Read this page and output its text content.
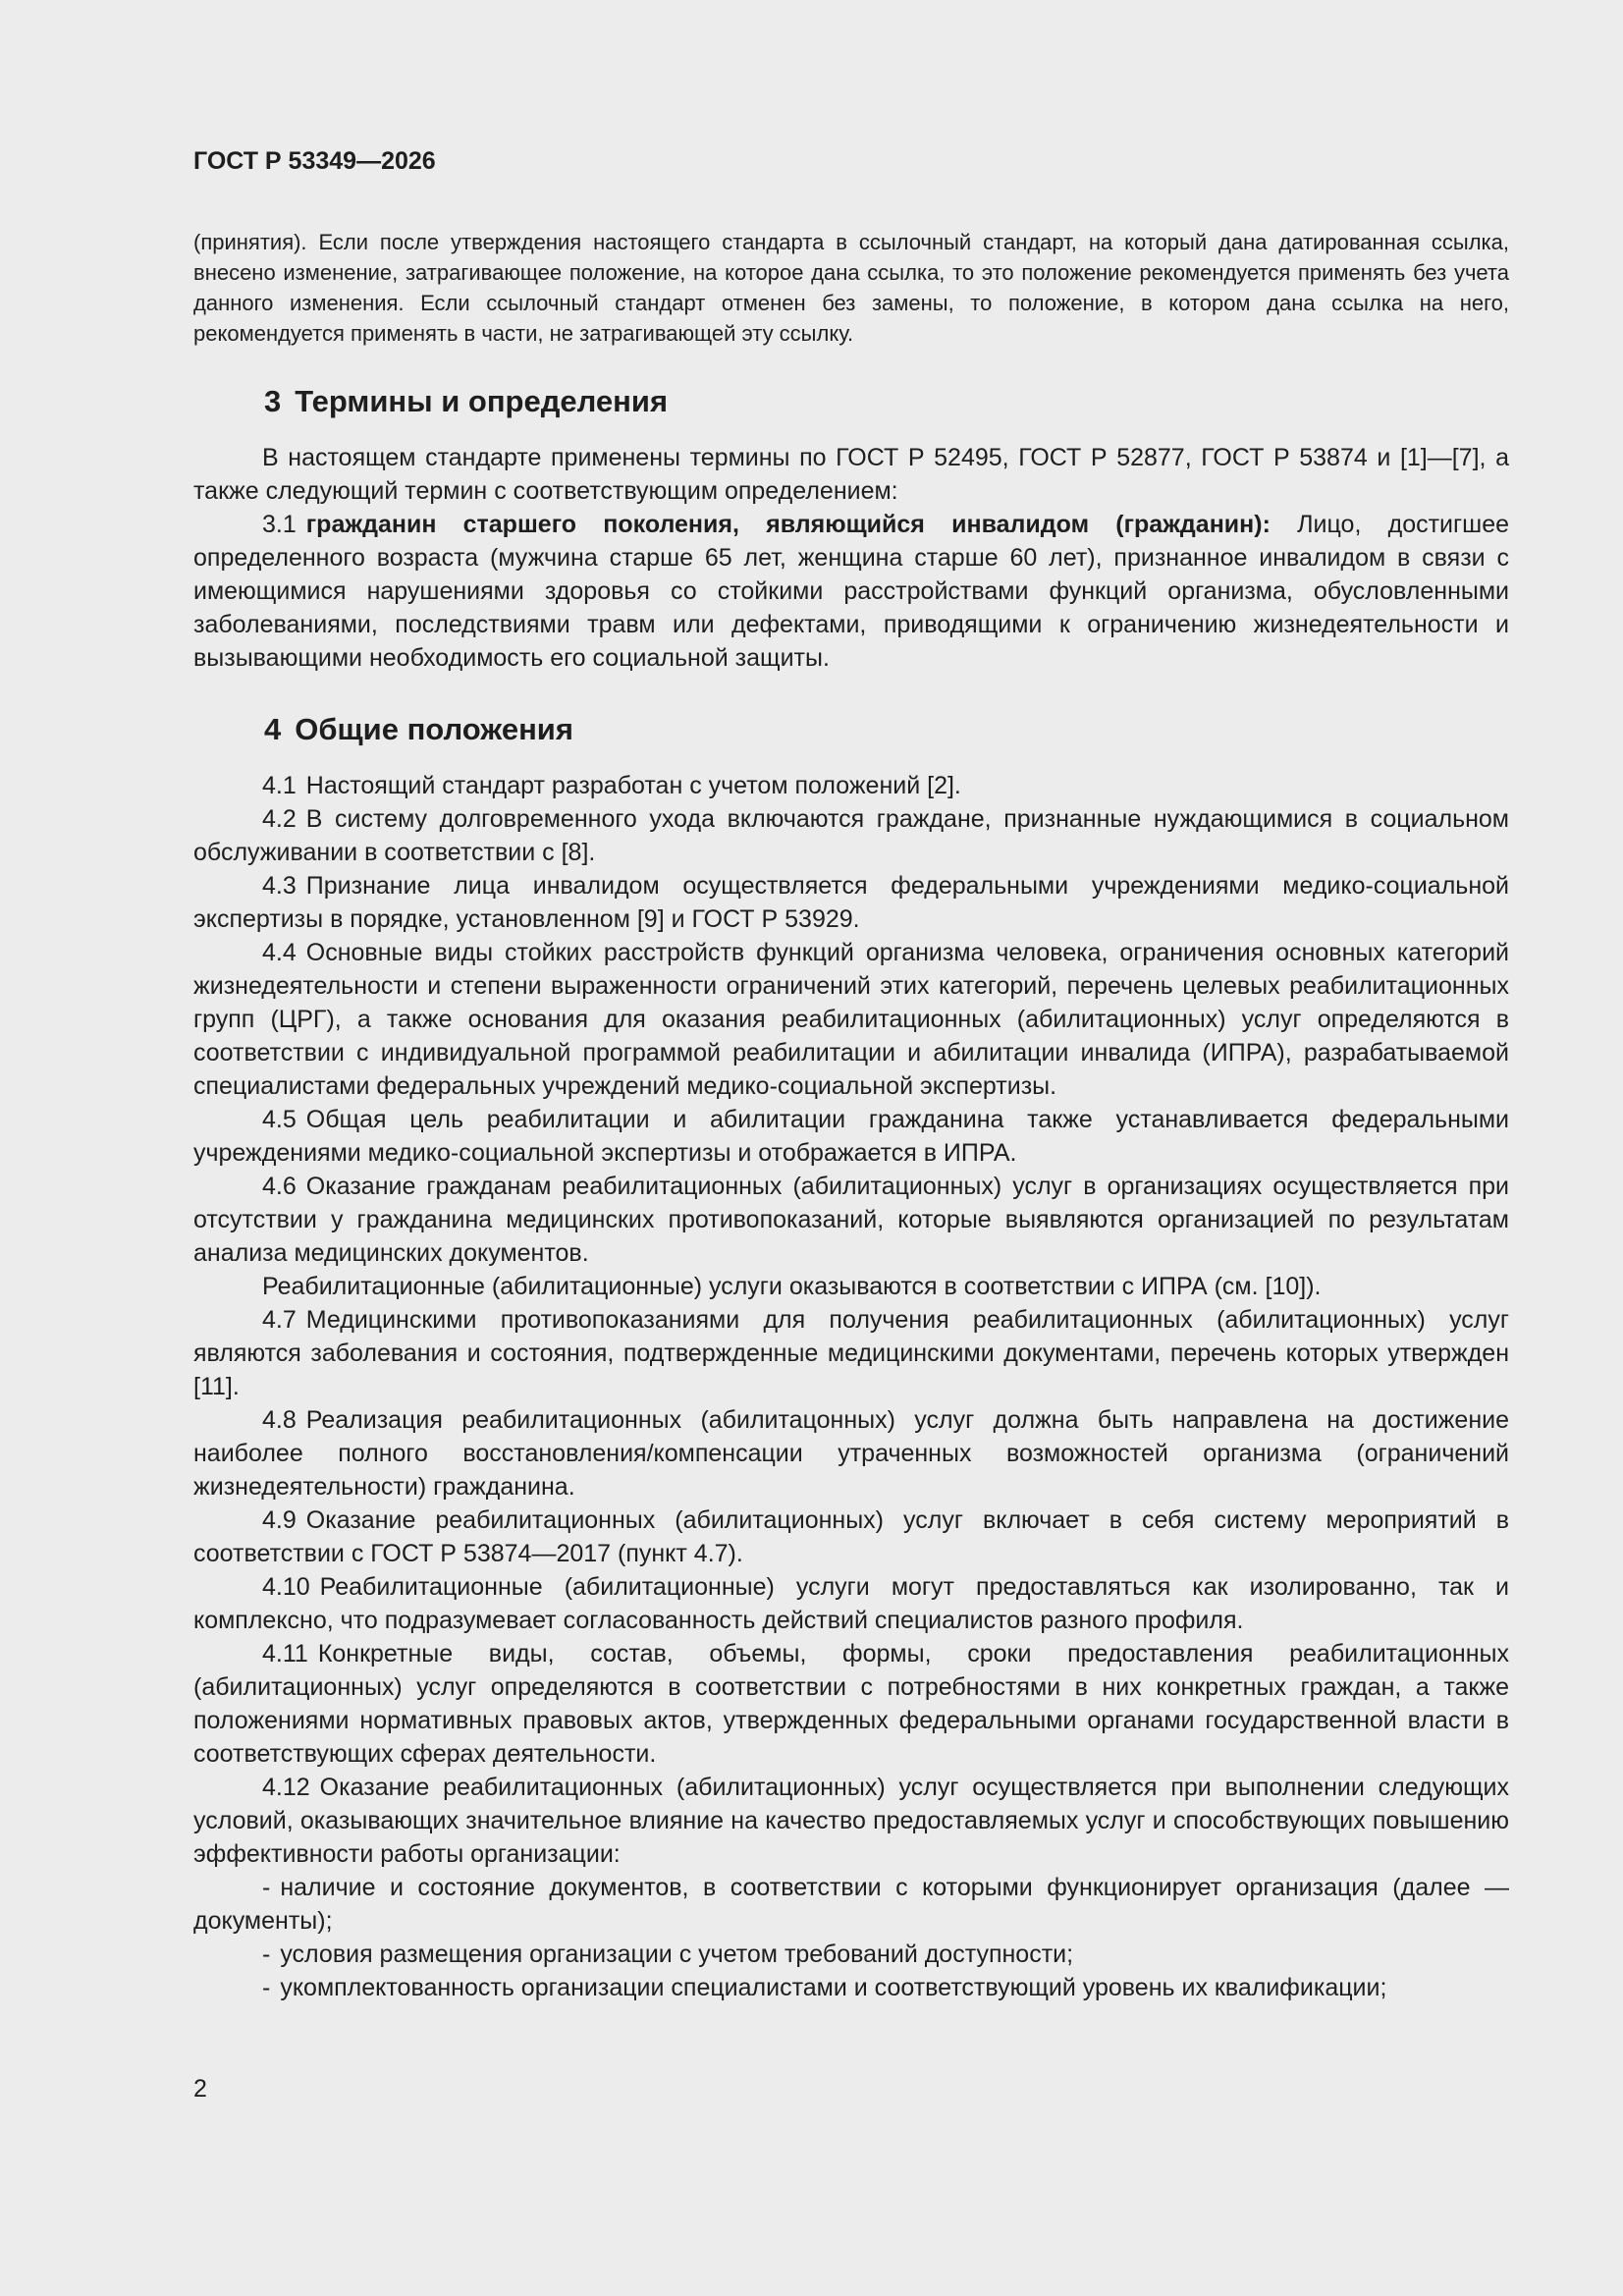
ГОСТ Р 53349—2026

(принятия). Если после утверждения настоящего стандарта в ссылочный стандарт, на который дана датированная ссылка, внесено изменение, затрагивающее положение, на которое дана ссылка, то это положение рекомендуется применять без учета данного изменения. Если ссылочный стандарт отменен без замены, то положение, в котором дана ссылка на него, рекомендуется применять в части, не затрагивающей эту ссылку.

3 Термины и определения

В настоящем стандарте применены термины по ГОСТ Р 52495, ГОСТ Р 52877, ГОСТ Р 53874 и [1]—[7], а также следующий термин с соответствующим определением:

3.1 гражданин старшего поколения, являющийся инвалидом (гражданин): Лицо, достигшее определенного возраста (мужчина старше 65 лет, женщина старше 60 лет), признанное инвалидом в связи с имеющимися нарушениями здоровья со стойкими расстройствами функций организма, обусловленными заболеваниями, последствиями травм или дефектами, приводящими к ограничению жизнедеятельности и вызывающими необходимость его социальной защиты.

4 Общие положения

4.1 Настоящий стандарт разработан с учетом положений [2].

4.2 В систему долговременного ухода включаются граждане, признанные нуждающимися в социальном обслуживании в соответствии с [8].

4.3 Признание лица инвалидом осуществляется федеральными учреждениями медико-социальной экспертизы в порядке, установленном [9] и ГОСТ Р 53929.

4.4 Основные виды стойких расстройств функций организма человека, ограничения основных категорий жизнедеятельности и степени выраженности ограничений этих категорий, перечень целевых реабилитационных групп (ЦРГ), а также основания для оказания реабилитационных (абилитационных) услуг определяются в соответствии с индивидуальной программой реабилитации и абилитации инвалида (ИПРА), разрабатываемой специалистами федеральных учреждений медико-социальной экспертизы.

4.5 Общая цель реабилитации и абилитации гражданина также устанавливается федеральными учреждениями медико-социальной экспертизы и отображается в ИПРА.

4.6 Оказание гражданам реабилитационных (абилитационных) услуг в организациях осуществляется при отсутствии у гражданина медицинских противопоказаний, которые выявляются организацией по результатам анализа медицинских документов.

Реабилитационные (абилитационные) услуги оказываются в соответствии с ИПРА (см. [10]).

4.7 Медицинскими противопоказаниями для получения реабилитационных (абилитационных) услуг являются заболевания и состояния, подтвержденные медицинскими документами, перечень которых утвержден [11].

4.8 Реализация реабилитационных (абилитацонных) услуг должна быть направлена на достижение наиболее полного восстановления/компенсации утраченных возможностей организма (ограничений жизнедеятельности) гражданина.

4.9 Оказание реабилитационных (абилитационных) услуг включает в себя систему мероприятий в соответствии с ГОСТ Р 53874—2017 (пункт 4.7).

4.10 Реабилитационные (абилитационные) услуги могут предоставляться как изолированно, так и комплексно, что подразумевает согласованность действий специалистов разного профиля.

4.11 Конкретные виды, состав, объемы, формы, сроки предоставления реабилитационных (абилитационных) услуг определяются в соответствии с потребностями в них конкретных граждан, а также положениями нормативных правовых актов, утвержденных федеральными органами государственной власти в соответствующих сферах деятельности.

4.12 Оказание реабилитационных (абилитационных) услуг осуществляется при выполнении следующих условий, оказывающих значительное влияние на качество предоставляемых услуг и способствующих повышению эффективности работы организации:

- наличие и состояние документов, в соответствии с которыми функционирует организация (далее — документы);

- условия размещения организации с учетом требований доступности;

- укомплектованность организации специалистами и соответствующий уровень их квалификации;

2
